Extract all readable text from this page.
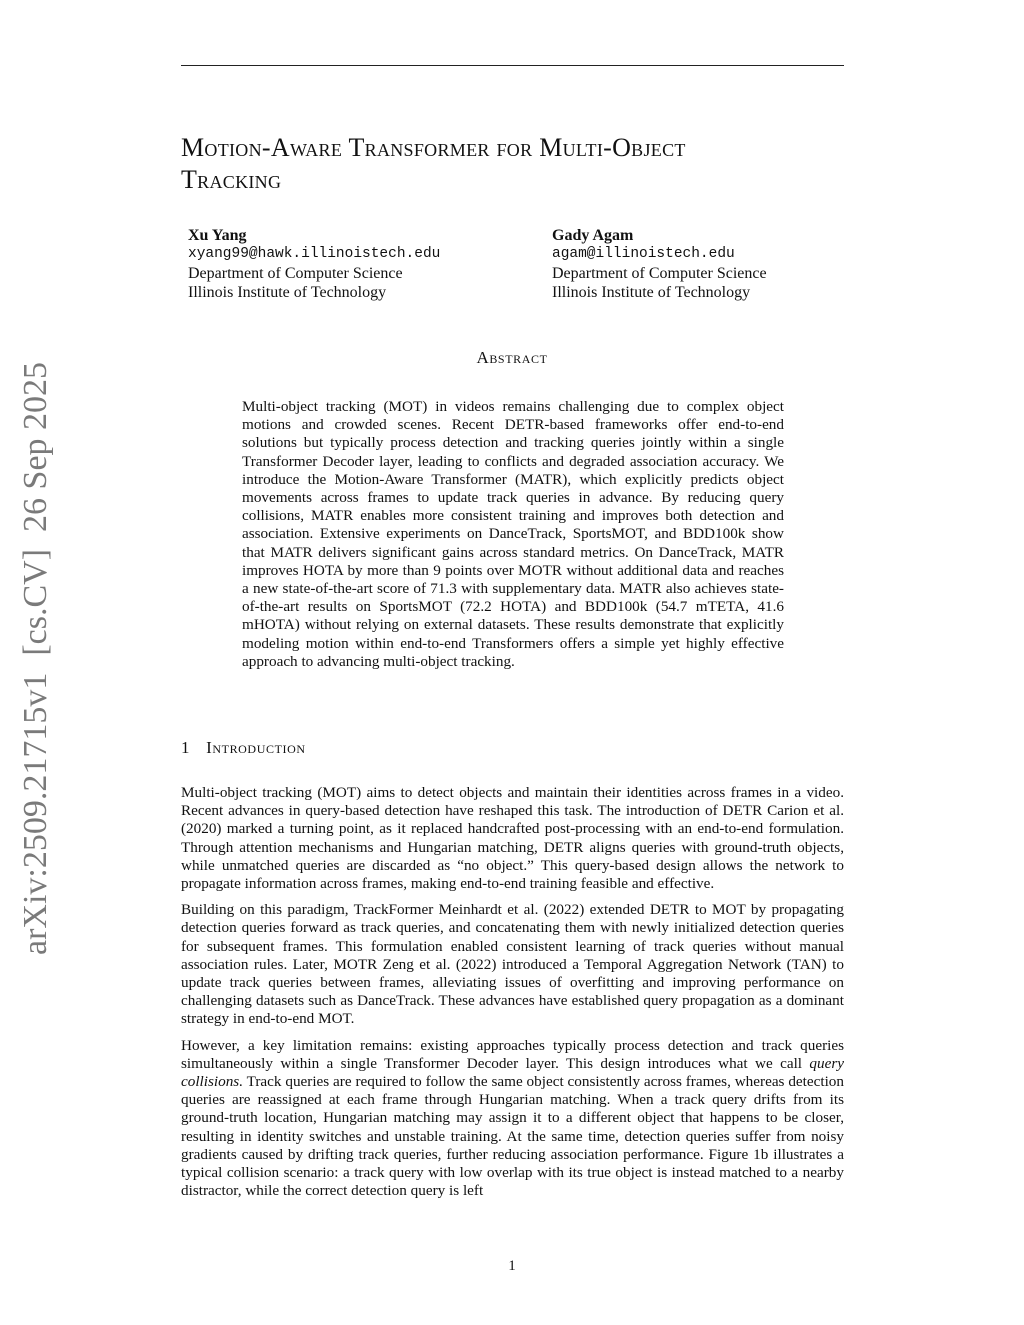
Motion-Aware Transformer for Multi-Object
Tracking
Xu Yang
xyang99@hawk.illinoistech.edu
Department of Computer Science
Illinois Institute of Technology
Gady Agam
agam@illinoistech.edu
Department of Computer Science
Illinois Institute of Technology
Abstract

Multi-object tracking (MOT) in videos remains challenging due to complex object motions and crowded scenes. Recent DETR-based frameworks offer end-to-end solutions but typically process detection and tracking queries jointly within a single Transformer Decoder layer, leading to conflicts and degraded association accuracy. We introduce the Motion-Aware Transformer (MATR), which explicitly predicts object movements across frames to update track queries in advance. By reducing query collisions, MATR enables more consistent training and improves both detection and association. Extensive experiments on DanceTrack, SportsMOT, and BDD100k show that MATR delivers significant gains across standard metrics. On DanceTrack, MATR improves HOTA by more than 9 points over MOTR without additional data and reaches a new state-of-the-art score of 71.3 with supplementary data. MATR also achieves state-of-the-art results on SportsMOT (72.2 HOTA) and BDD100k (54.7 mTETA, 41.6 mHOTA) without relying on external datasets. These results demonstrate that explicitly modeling motion within end-to-end Transformers offers a simple yet highly effective approach to advancing multi-object tracking.

1 Introduction

Multi-object tracking (MOT) aims to detect objects and maintain their identities across frames in a video. Recent advances in query-based detection have reshaped this task. The introduction of DETR Carion et al. (2020) marked a turning point, as it replaced handcrafted post-processing with an end-to-end formulation. Through attention mechanisms and Hungarian matching, DETR aligns queries with ground-truth objects, while unmatched queries are discarded as “no object.” This query-based design allows the network to propagate information across frames, making end-to-end training feasible and effective.

Building on this paradigm, TrackFormer Meinhardt et al. (2022) extended DETR to MOT by propagating detection queries forward as track queries, and concatenating them with newly initialized detection queries for subsequent frames. This formulation enabled consistent learning of track queries without manual association rules. Later, MOTR Zeng et al. (2022) introduced a Temporal Aggregation Network (TAN) to update track queries between frames, alleviating issues of overfitting and improving performance on challenging datasets such as DanceTrack. These advances have established query propagation as a dominant strategy in end-to-end MOT.

However, a key limitation remains: existing approaches typically process detection and track queries simultaneously within a single Transformer Decoder layer. This design introduces what we call query collisions. Track queries are required to follow the same object consistently across frames, whereas detection queries are reassigned at each frame through Hungarian matching. When a track query drifts from its ground-truth location, Hungarian matching may assign it to a different object that happens to be closer, resulting in identity switches and unstable training. At the same time, detection queries suffer from noisy gradients caused by drifting track queries, further reducing association performance. Figure 1b illustrates a typical collision scenario: a track query with low overlap with its true object is instead matched to a nearby distractor, while the correct detection query is left

1
arXiv:2509.21715v1  [cs.CV]  26 Sep 2025
